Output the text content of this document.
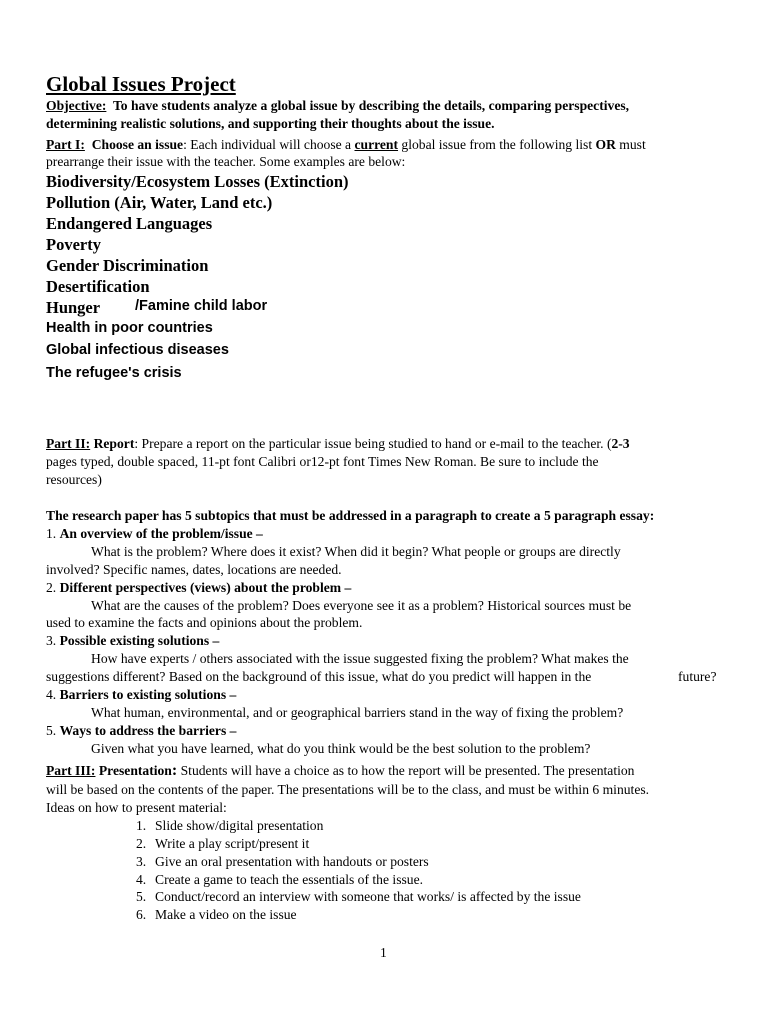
Global Issues Project
Objective: To have students analyze a global issue by describing the details, comparing perspectives,
determining realistic solutions, and supporting their thoughts about the issue.
Part I: Choose an issue: Each individual will choose a current global issue from the following list OR must
prearrange their issue with the teacher. Some examples are below:
Biodiversity/Ecosystem Losses (Extinction)
Pollution (Air, Water, Land etc.)
Endangered Languages
Poverty
Gender Discrimination
Desertification
Hunger /Famine child labor
Health in poor countries
Global infectious diseases
The refugee's crisis
Part II: Report: Prepare a report on the particular issue being studied to hand or e-mail to the teacher. (2-3
pages typed, double spaced, 11-pt font Calibri or12-pt font Times New Roman. Be sure to include the
resources)
The research paper has 5 subtopics that must be addressed in a paragraph to create a 5 paragraph essay:
1. An overview of the problem/issue –
What is the problem? Where does it exist? When did it begin? What people or groups are directly
involved? Specific names, dates, locations are needed.
2. Different perspectives (views) about the problem –
What are the causes of the problem? Does everyone see it as a problem? Historical sources must be
used to examine the facts and opinions about the problem.
3. Possible existing solutions –
How have experts / others associated with the issue suggested fixing the problem? What makes the
suggestions different? Based on the background of this issue, what do you predict will happen in the	future?
4. Barriers to existing solutions –
What human, environmental, and or geographical barriers stand in the way of fixing the problem?
5. Ways to address the barriers –
Given what you have learned, what do you think would be the best solution to the problem?
Part III: Presentation: Students will have a choice as to how the report will be presented. The presentation
will be based on the contents of the paper. The presentations will be to the class, and must be within 6 minutes.
Ideas on how to present material:
1. Slide show/digital presentation
2. Write a play script/present it
3. Give an oral presentation with handouts or posters
4. Create a game to teach the essentials of the issue.
5. Conduct/record an interview with someone that works/ is affected by the issue
6. Make a video on the issue
1
